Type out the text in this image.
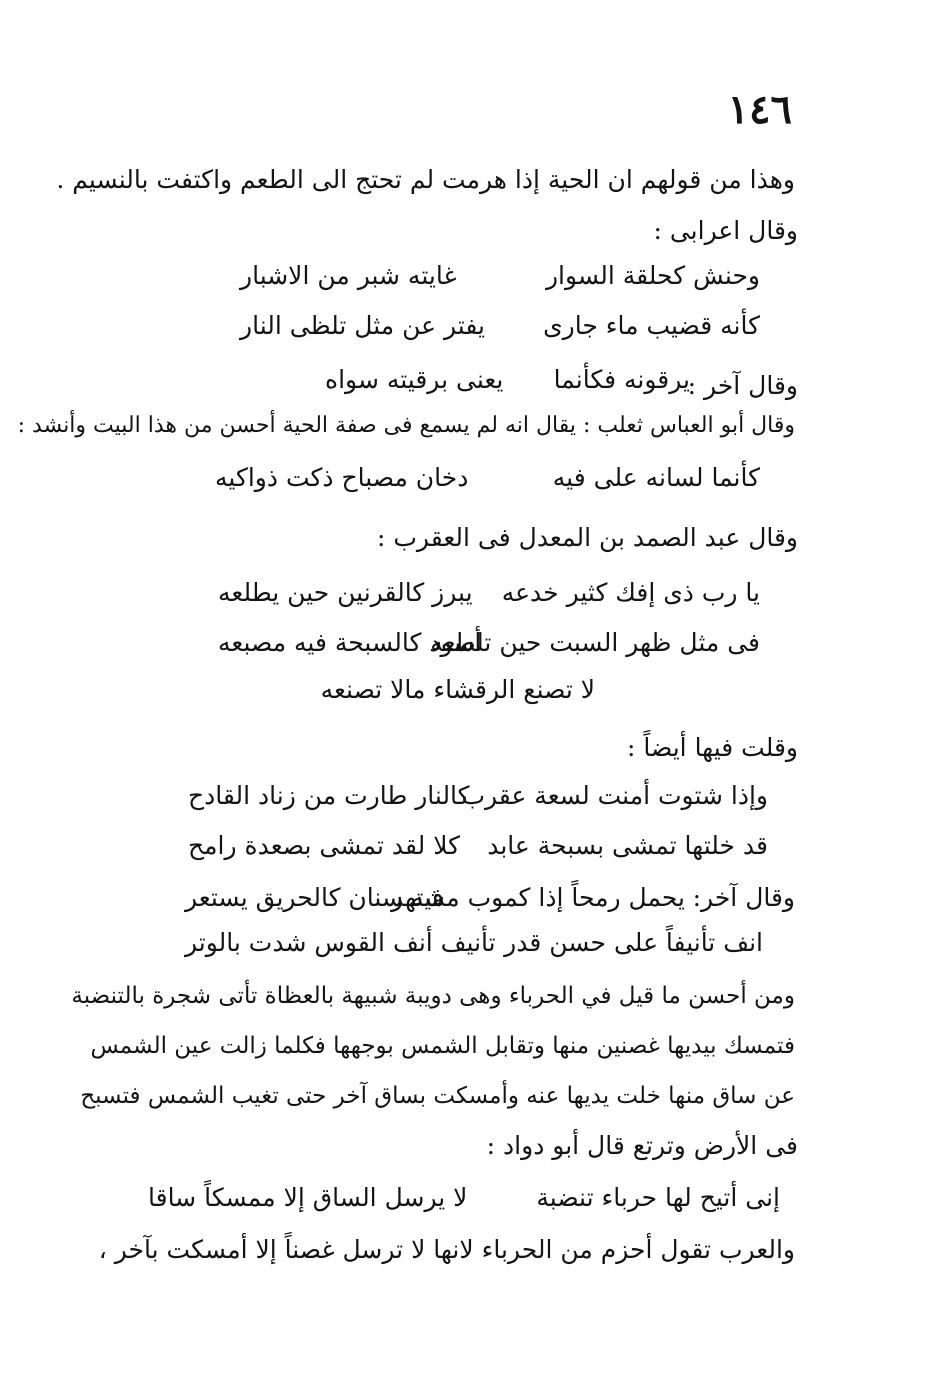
١٤٦
وهذا من قولهم ان الحية إذا هرمت لم تحتج الى الطعم واكتفت بالنسيم .
وقال اعرابى :
وحنش كحلقة السوار
غايته شبر من الاشبار
كأنه قضيب ماء جارى
يفتر عن مثل تلظى النار
وقال آخر :
يرقونه فكأنما
يعنى برقيته سواه
وقال أبو العباس ثعلب : يقال انه لم يسمع فى صفة الحية أحسن من هذا البيت وأنشد :
كأنما لسانه على فيه
دخان مصباح ذكت ذواكيه
وقال عبد الصمد بن المعدل فى العقرب :
يا رب ذى إفك كثير خدعه
يبرز كالقرنين حين يطلعه
فى مثل ظهر السبت حين تلطعه
أسود كالسبحة فيه مصبعه
لا تصنع الرقشاء مالا تصنعه
وقلت فيها أيضاً :
وإذا شتوت أمنت لسعة عقرب
كالنار طارت من زناد القادح
قد خلتها تمشى بسبحة عابد
كلا لقد تمشى بصعدة رامح
وقال آخر:
يحمل رمحاً إذا كموب مشتهر
فيه سنان كالحريق يستعر
انف تأنيفاً على حسن قدر
تأنيف أنف القوس شدت بالوتر
ومن أحسن ما قيل في الحرباء وهى دويبة شبيهة بالعظاة تأتى شجرة بالتنضبة
فتمسك بيديها غصنين منها وتقابل الشمس بوجهها فكلما زالت عين الشمس
عن ساق منها خلت يديها عنه وأمسكت بساق آخر حتى تغيب الشمس فتسبح
فى الأرض وترتع قال أبو دواد :
إنى أتيح لها حرباء تنضبة
لا يرسل الساق إلا ممسكاً ساقا
والعرب تقول أحزم من الحرباء لانها لا ترسل غصناً إلا أمسكت بآخر ،
